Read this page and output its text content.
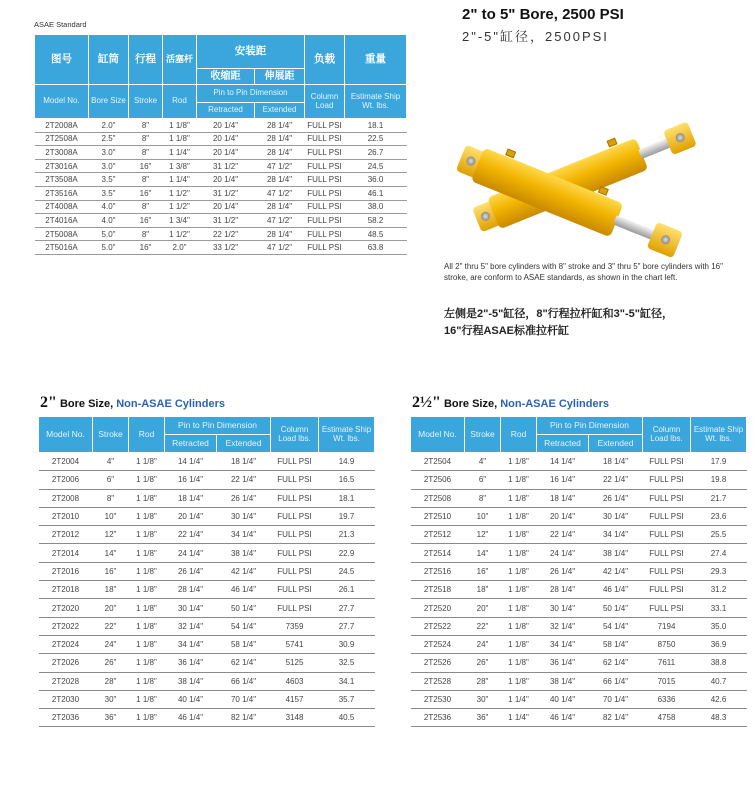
ASAE Standard
图号	缸筒	行程	活塞杆	安装距		负载	重量
				收缩距	伸展距		
Model No.	Bore Size	Stroke	Rod	Pin to Pin Dimension		Column Load	Estimate Ship Wt. lbs.
				Retracted	Extended		
2T2008A	2.0"	8"	1 1/8"	20 1/4"	28 1/4"	FULL PSI	18.1
2T2508A	2.5"	8"	1 1/8"	20 1/4"	28 1/4"	FULL PSI	22.5
2T3008A	3.0"	8"	1 1/4"	20 1/4"	28 1/4"	FULL PSI	26.7
2T3016A	3.0"	16"	1 3/8"	31 1/2"	47 1/2"	FULL PSI	24.5
2T3508A	3.5"	8"	1 1/4"	20 1/4"	28 1/4"	FULL PSI	36.0
2T3516A	3.5"	16"	1 1/2"	31 1/2"	47 1/2"	FULL PSI	46.1
2T4008A	4.0"	8"	1 1/2"	20 1/4"	28 1/4"	FULL PSI	38.0
2T4016A	4.0"	16"	1 3/4"	31 1/2"	47 1/2"	FULL PSI	58.2
2T5008A	5.0"	8"	1 1/2"	22 1/2"	28 1/4"	FULL PSI	48.5
2T5016A	5.0"	16"	2.0"	33 1/2"	47 1/2"	FULL PSI	63.8
2" to 5" Bore, 2500 PSI
2"-5"缸径，2500PSI
All 2" thru 5" bore cylinders with 8" stroke and 3" thru 5" bore cylinders with 16" stroke, are conform to ASAE standards, as shown in the chart left.
左侧是2"-5"缸径，8"行程拉杆缸和3"-5"缸径，
16"行程ASAE标准拉杆缸
2" Bore Size, Non-ASAE Cylinders
Model No.	Stroke	Rod	Pin to Pin Dimension		Column Load lbs.	Estimate Ship Wt. lbs.
			Retracted	Extended		
2T2004	4"	1 1/8"	14 1/4"	18 1/4"	FULL PSI	14.9
2T2006	6"	1 1/8"	16 1/4"	22 1/4"	FULL PSI	16.5
2T2008	8"	1 1/8"	18 1/4"	26 1/4"	FULL PSI	18.1
2T2010	10"	1 1/8"	20 1/4"	30 1/4"	FULL PSI	19.7
2T2012	12"	1 1/8"	22 1/4"	34 1/4"	FULL PSI	21.3
2T2014	14"	1 1/8"	24 1/4"	38 1/4"	FULL PSI	22.9
2T2016	16"	1 1/8"	26 1/4"	42 1/4"	FULL PSI	24.5
2T2018	18"	1 1/8"	28 1/4"	46 1/4"	FULL PSI	26.1
2T2020	20"	1 1/8"	30 1/4"	50 1/4"	FULL PSI	27.7
2T2022	22"	1 1/8"	32 1/4"	54 1/4"	7359	27.7
2T2024	24"	1 1/8"	34 1/4"	58 1/4"	5741	30.9
2T2026	26"	1 1/8"	36 1/4"	62 1/4"	5125	32.5
2T2028	28"	1 1/8"	38 1/4"	66 1/4"	4603	34.1
2T2030	30"	1 1/8"	40 1/4"	70 1/4"	4157	35.7
2T2036	36"	1 1/8"	46 1/4"	82 1/4"	3148	40.5
2½" Bore Size, Non-ASAE Cylinders
Model No.	Stroke	Rod	Pin to Pin Dimension		Column Load lbs.	Estimate Ship Wt. lbs.
			Retracted	Extended		
2T2504	4"	1 1/8"	14 1/4"	18 1/4"	FULL PSI	17.9
2T2506	6"	1 1/8"	16 1/4"	22 1/4"	FULL PSI	19.8
2T2508	8"	1 1/8"	18 1/4"	26 1/4"	FULL PSI	21.7
2T2510	10"	1 1/8"	20 1/4"	30 1/4"	FULL PSI	23.6
2T2512	12"	1 1/8"	22 1/4"	34 1/4"	FULL PSI	25.5
2T2514	14"	1 1/8"	24 1/4"	38 1/4"	FULL PSI	27.4
2T2516	16"	1 1/8"	26 1/4"	42 1/4"	FULL PSI	29.3
2T2518	18"	1 1/8"	28 1/4"	46 1/4"	FULL PSI	31.2
2T2520	20"	1 1/8"	30 1/4"	50 1/4"	FULL PSI	33.1
2T2522	22"	1 1/8"	32 1/4"	54 1/4"	7194	35.0
2T2524	24"	1 1/8"	34 1/4"	58 1/4"	8750	36.9
2T2526	26"	1 1/8"	36 1/4"	62 1/4"	7611	38.8
2T2528	28"	1 1/8"	38 1/4"	66 1/4"	7015	40.7
2T2530	30"	1 1/4"	40 1/4"	70 1/4"	6336	42.6
2T2536	36"	1 1/4"	46 1/4"	82 1/4"	4758	48.3
